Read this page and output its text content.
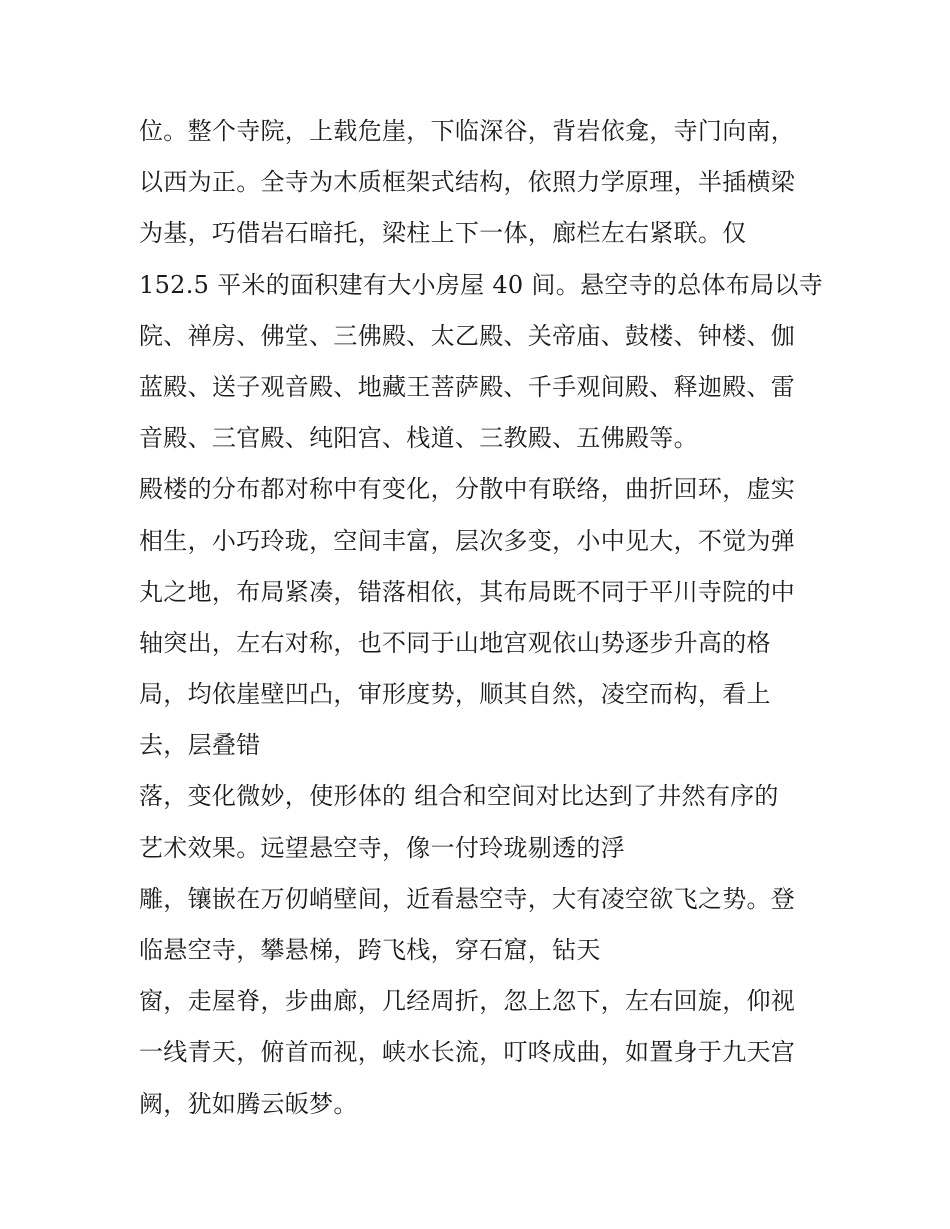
位。整个寺院，上载危崖，下临深谷，背岩依龛，寺门向南，
以西为正。全寺为木质框架式结构，依照力学原理，半插横梁
为基，巧借岩石暗托，梁柱上下一体，廊栏左右紧联。仅
152.5 平米的面积建有大小房屋 40 间。悬空寺的总体布局以寺
院、禅房、佛堂、三佛殿、太乙殿、关帝庙、鼓楼、钟楼、伽
蓝殿、送子观音殿、地藏王菩萨殿、千手观间殿、释迦殿、雷
音殿、三官殿、纯阳宫、栈道、三教殿、五佛殿等。
殿楼的分布都对称中有变化，分散中有联络，曲折回环，虚实
相生，小巧玲珑，空间丰富，层次多变，小中见大，不觉为弹
丸之地，布局紧凑，错落相依，其布局既不同于平川寺院的中
轴突出，左右对称，也不同于山地宫观依山势逐步升高的格
局，均依崖壁凹凸，审形度势，顺其自然，凌空而构，看上
去，层叠错
落，变化微妙，使形体的 组合和空间对比达到了井然有序的
艺术效果。远望悬空寺，像一付玲珑剔透的浮
雕，镶嵌在万仞峭壁间，近看悬空寺，大有凌空欲飞之势。登
临悬空寺，攀悬梯，跨飞栈，穿石窟，钻天
窗，走屋脊，步曲廊，几经周折，忽上忽下，左右回旋，仰视
一线青天，俯首而视，峡水长流，叮咚成曲，如置身于九天宫
阙，犹如腾云皈梦。
